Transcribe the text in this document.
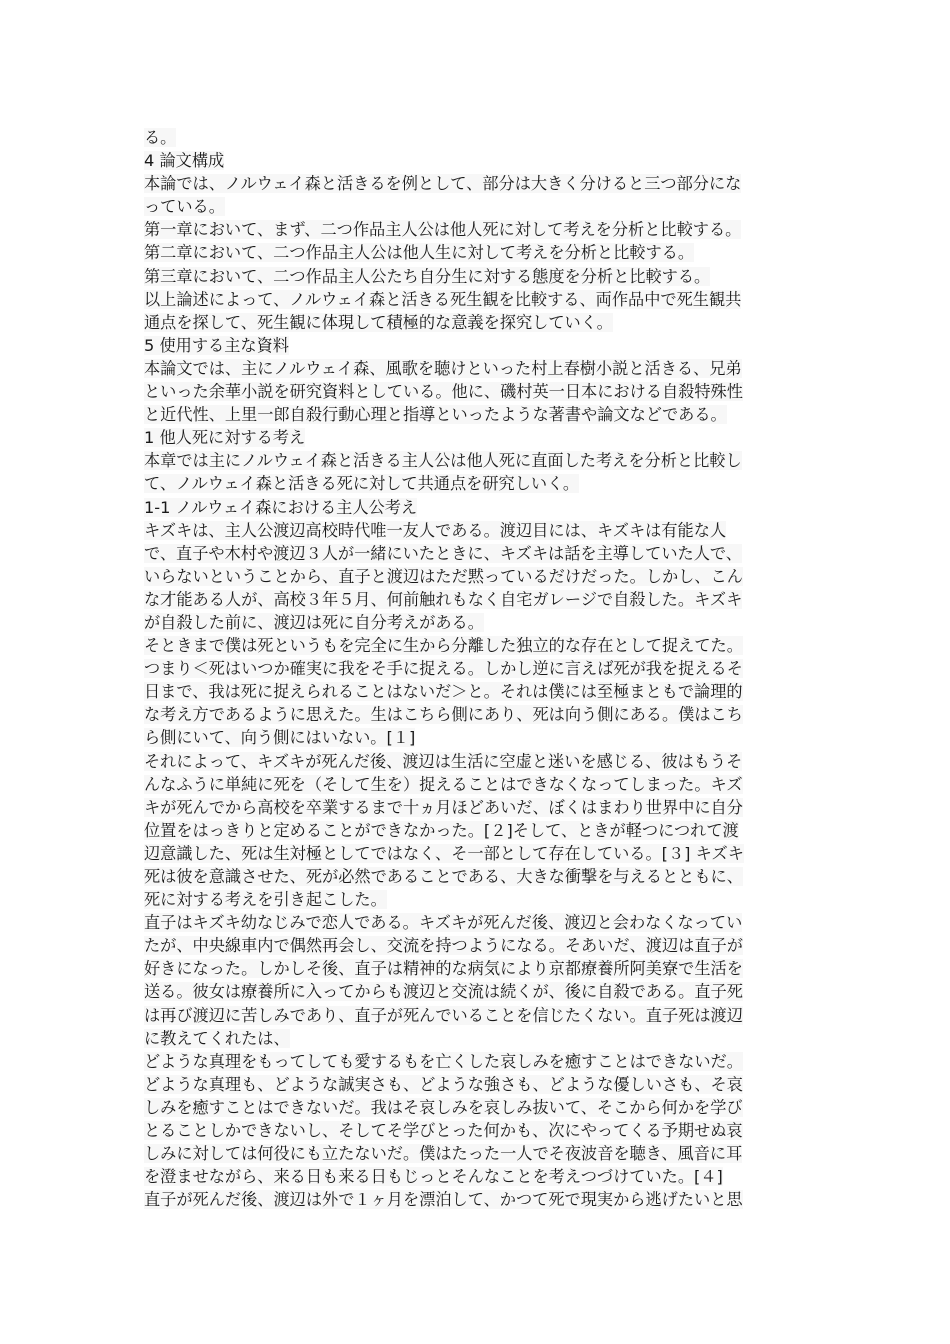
る。
4 論文構成
本論では、ノルウェイ森と活きるを例として、部分は大きく分けると三つ部分にな
っている。
第一章において、まず、二つ作品主人公は他人死に対して考えを分析と比較する。
第二章において、二つ作品主人公は他人生に対して考えを分析と比較する。
第三章において、二つ作品主人公たち自分生に対する態度を分析と比較する。
以上論述によって、ノルウェイ森と活きる死生観を比較する、両作品中で死生観共
通点を探して、死生観に体現して積極的な意義を探究していく。
5 使用する主な資料
本論文では、主にノルウェイ森、風歌を聴けといった村上春樹小説と活きる、兄弟
といった余華小説を研究資料としている。他に、磯村英一日本における自殺特殊性
と近代性、上里一郎自殺行動心理と指導といったような著書や論文などである。
1 他人死に対する考え
本章では主にノルウェイ森と活きる主人公は他人死に直面した考えを分析と比較し
て、ノルウェイ森と活きる死に対して共通点を研究しいく。
1-1 ノルウェイ森における主人公考え
キズキは、主人公渡辺高校時代唯一友人である。渡辺目には、キズキは有能な人
で、直子や木村や渡辺３人が一緒にいたときに、キズキは話を主導していた人で、
いらないということから、直子と渡辺はただ黙っているだけだった。しかし、こん
な才能ある人が、高校３年５月、何前触れもなく自宅ガレージで自殺した。キズキ
が自殺した前に、渡辺は死に自分考えがある。
そときまで僕は死というもを完全に生から分離した独立的な存在として捉えてた。
つまり＜死はいつか確実に我をそ手に捉える。しかし逆に言えば死が我を捉えるそ
日まで、我は死に捉えられることはないだ＞と。それは僕には至極まともで論理的
な考え方であるように思えた。生はこちら側にあり、死は向う側にある。僕はこち
ら側にいて、向う側にはいない。[１]
それによって、キズキが死んだ後、渡辺は生活に空虚と迷いを感じる、彼はもうそ
んなふうに単純に死を（そして生を）捉えることはできなくなってしまった。キズ
キが死んでから高校を卒業するまで十ヵ月ほどあいだ、ぼくはまわり世界中に自分
位置をはっきりと定めることができなかった。[２]そして、ときが軽つにつれて渡
辺意識した、死は生対極としてではなく、そ一部として存在している。[３] キズキ
死は彼を意識させた、死が必然であることである、大きな衝撃を与えるとともに、
死に対する考えを引き起こした。
直子はキズキ幼なじみで恋人である。キズキが死んだ後、渡辺と会わなくなってい
たが、中央線車内で偶然再会し、交流を持つようになる。そあいだ、渡辺は直子が
好きになった。しかしそ後、直子は精神的な病気により京都療養所阿美寮で生活を
送る。彼女は療養所に入ってからも渡辺と交流は続くが、後に自殺である。直子死
は再び渡辺に苦しみであり、直子が死んでいることを信じたくない。直子死は渡辺
に教えてくれたは、
どような真理をもってしても愛するもを亡くした哀しみを癒すことはできないだ。
どような真理も、どような誠実さも、どような強さも、どような優しいさも、そ哀
しみを癒すことはできないだ。我はそ哀しみを哀しみ抜いて、そこから何かを学び
とることしかできないし、そしてそ学びとった何かも、次にやってくる予期せぬ哀
しみに対しては何役にも立たないだ。僕はたった一人でそ夜波音を聴き、風音に耳
を澄ませながら、来る日も来る日もじっとそんなことを考えつづけていた。[４]
直子が死んだ後、渡辺は外で１ヶ月を漂泊して、かつて死で現実から逃げたいと思
